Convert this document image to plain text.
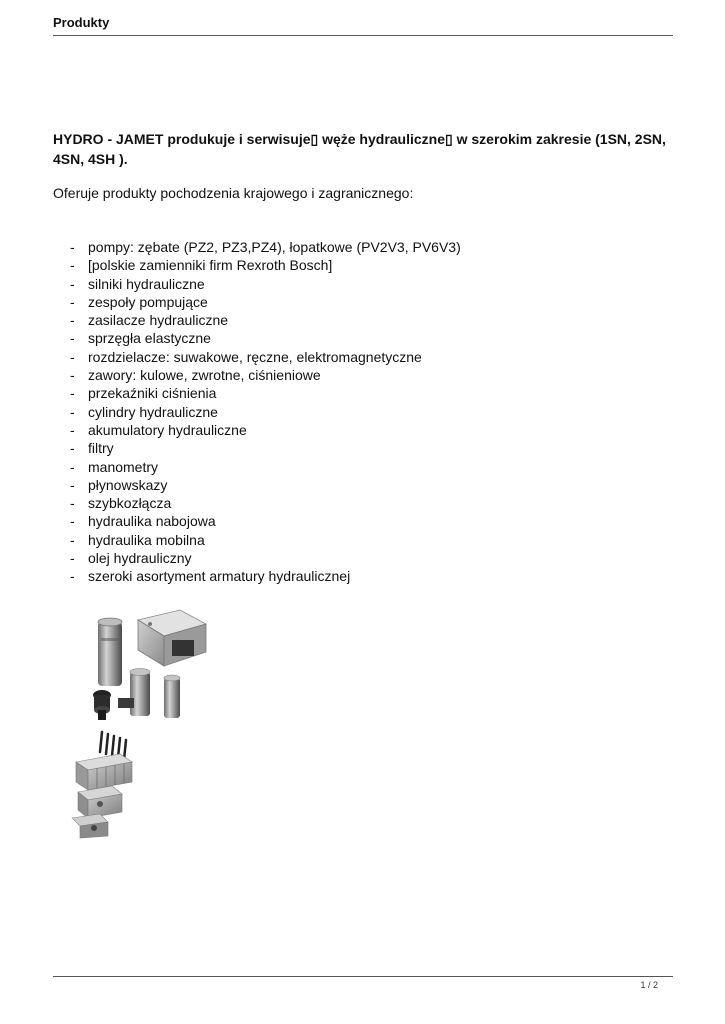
Produkty
HYDRO - JAMET produkuje i serwisuje▯ węże hydrauliczne▯ w szerokim zakresie (1SN, 2SN, 4SN, 4SH ).
Oferuje produkty pochodzenia krajowego i zagranicznego:
- pompy: zębate (PZ2, PZ3,PZ4), łopatkowe (PV2V3, PV6V3)
- [polskie zamienniki firm Rexroth Bosch]
- silniki hydrauliczne
- zespoły pompujące
- zasilacze hydrauliczne
- sprzęgła elastyczne
- rozdzielacze: suwakowe, ręczne, elektromagnetyczne
- zawory: kulowe, zwrotne, ciśnieniowe
- przekaźniki ciśnienia
- cylindry hydrauliczne
- akumulatory hydrauliczne
- filtry
- manometry
- płynowskazy
- szybkozłącza
- hydraulika nabojowa
- hydraulika mobilna
- olej hydrauliczny
- szeroki asortyment armatury hydraulicznej
1 / 2
